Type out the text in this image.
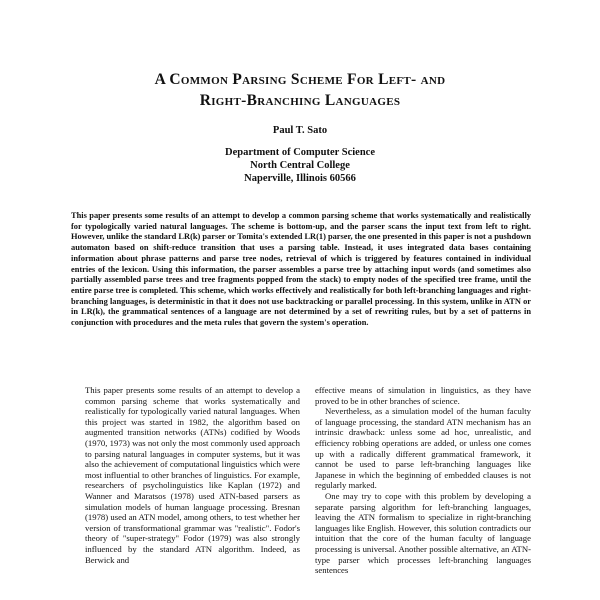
A Common Parsing Scheme For Left- and
Right-Branching Languages
Paul T. Sato
Department of Computer Science
North Central College
Naperville, Illinois 60566
This paper presents some results of an attempt to develop a common parsing scheme that works systematically and realistically for typologically varied natural languages. The scheme is bottom-up, and the parser scans the input text from left to right. However, unlike the standard LR(k) parser or Tomita's extended LR(1) parser, the one presented in this paper is not a pushdown automaton based on shift-reduce transition that uses a parsing table. Instead, it uses integrated data bases containing information about phrase patterns and parse tree nodes, retrieval of which is triggered by features contained in individual entries of the lexicon. Using this information, the parser assembles a parse tree by attaching input words (and sometimes also partially assembled parse trees and tree fragments popped from the stack) to empty nodes of the specified tree frame, until the entire parse tree is completed. This scheme, which works effectively and realistically for both left-branching languages and right-branching languages, is deterministic in that it does not use backtracking or parallel processing. In this system, unlike in ATN or in LR(k), the grammatical sentences of a language are not determined by a set of rewriting rules, but by a set of patterns in conjunction with procedures and the meta rules that govern the system's operation.

This paper presents some results of an attempt to develop a common parsing scheme that works systematically and realistically for typologically varied natural languages. When this project was started in 1982, the algorithm based on augmented transition networks (ATNs) codified by Woods (1970, 1973) was not only the most commonly used approach to parsing natural languages in computer systems, but it was also the achievement of computational linguistics which were most influential to other branches of linguistics. For example, researchers of psycholinguistics like Kaplan (1972) and Wanner and Maratsos (1978) used ATN-based parsers as simulation models of human language processing. Bresnan (1978) used an ATN model, among others, to test whether her version of transformational grammar was "realistic". Fodor's theory of "super-strategy" Fodor (1979) was also strongly influenced by the standard ATN algorithm. Indeed, as Berwick and

effective means of simulation in linguistics, as they have proved to be in other branches of science.

Nevertheless, as a simulation model of the human faculty of language processing, the standard ATN mechanism has an intrinsic drawback: unless some ad hoc, unrealistic, and efficiency robbing operations are added, or unless one comes up with a radically different grammatical framework, it cannot be used to parse left-branching languages like Japanese in which the beginning of embedded clauses is not regularly marked.

One may try to cope with this problem by developing a separate parsing algorithm for left-branching languages, leaving the ATN formalism to specialize in right-branching languages like English. However, this solution contradicts our intuition that the core of the human faculty of language processing is universal. Another possible alternative, an ATN-type parser which processes left-branching languages sentences
